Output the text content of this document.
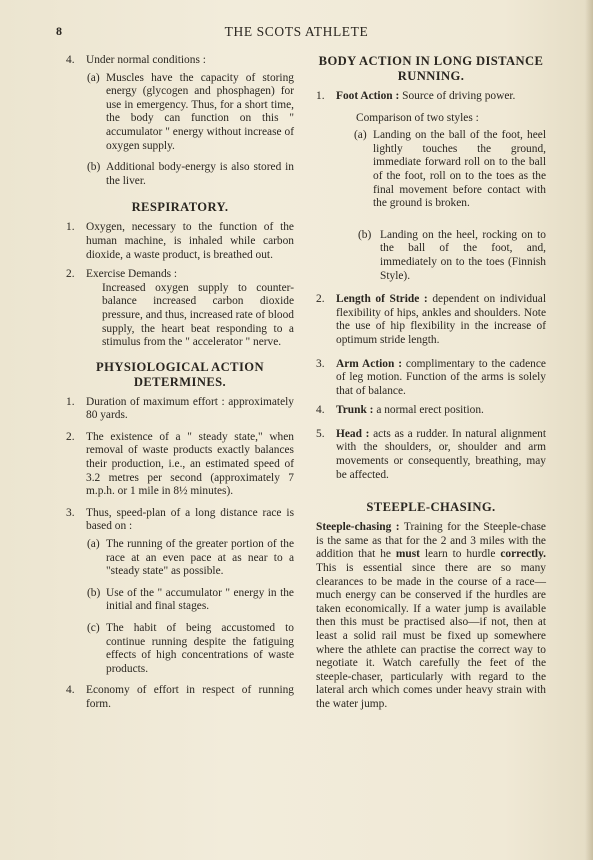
8	THE SCOTS ATHLETE
4. Under normal conditions :
(a) Muscles have the capacity of storing energy (glycogen and phosphagen) for use in emergency. Thus, for a short time, the body can function on this " accumulator " energy without increase of oxygen supply.
(b) Additional body-energy is also stored in the liver.
RESPIRATORY.
1. Oxygen, necessary to the function of the human machine, is inhaled while carbon dioxide, a waste product, is breathed out.
2. Exercise Demands :
Increased oxygen supply to counter-balance increased carbon dioxide pressure, and thus, increased rate of blood supply, the heart beat responding to a stimulus from the " accelerator " nerve.
PHYSIOLOGICAL ACTION DETERMINES.
1. Duration of maximum effort : approximately 80 yards.
2. The existence of a " steady state," when removal of waste products exactly balances their production, i.e., an estimated speed of 3.2 metres per second (approximately 7 m.p.h. or 1 mile in 8½ minutes).
3. Thus, speed-plan of a long distance race is based on :
(a) The running of the greater portion of the race at an even pace at as near to a "steady state" as possible.
(b) Use of the " accumulator " energy in the initial and final stages.
(c) The habit of being accustomed to continue running despite the fatiguing effects of high concentrations of waste products.
4. Economy of effort in respect of running form.
BODY ACTION IN LONG DISTANCE RUNNING.
1. Foot Action : Source of driving power.
Comparison of two styles :
(a) Landing on the ball of the foot, heel lightly touches the ground, immediate forward roll on to the ball of the foot, roll on to the toes as the final movement before contact with the ground is broken.
(b) Landing on the heel, rocking on to the ball of the foot, and, immediately on to the toes (Finnish Style).
2. Length of Stride : dependent on individual flexibility of hips, ankles and shoulders. Note the use of hip flexibility in the increase of optimum stride length.
3. Arm Action : complimentary to the cadence of leg motion. Function of the arms is solely that of balance.
4. Trunk : a normal erect position.
5. Head : acts as a rudder. In natural alignment with the shoulders, or, shoulder and arm movements or consequently, breathing, may be affected.
STEEPLE-CHASING.
Steeple-chasing : Training for the Steeple-chase is the same as that for the 2 and 3 miles with the addition that he must learn to hurdle correctly. This is essential since there are so many clearances to be made in the course of a race—much energy can be conserved if the hurdles are taken economically. If a water jump is available then this must be practised also—if not, then at least a solid rail must be fixed up somewhere where the athlete can practise the correct way to negotiate it. Watch carefully the feet of the steeple-chaser, particularly with regard to the lateral arch which comes under heavy strain with the water jump.
